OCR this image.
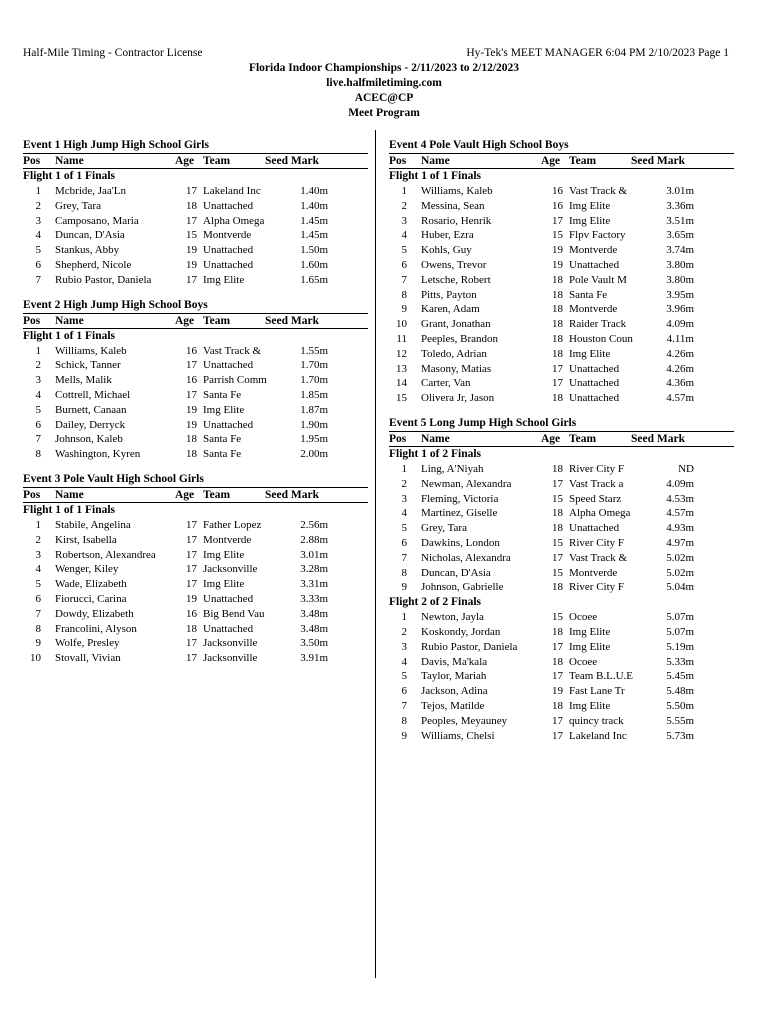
Half-Mile Timing - Contractor License	Hy-Tek's MEET MANAGER 6:04 PM 2/10/2023 Page 1
Florida Indoor Championships - 2/11/2023 to 2/12/2023
live.halfmiletiming.com
ACEC@CP
Meet Program
Event 1 High Jump High School Girls
Pos Name	Age Team	Seed Mark
Flight 1 of 1 Finals
1 Mcbride, Jaa'Ln	17 Lakeland Inc	1.40m
2 Grey, Tara	18 Unattached	1.40m
3 Camposano, Maria	17 Alpha Omega	1.45m
4 Duncan, D'Asia	15 Montverde	1.45m
5 Stankus, Abby	19 Unattached	1.50m
6 Shepherd, Nicole	19 Unattached	1.60m
7 Rubio Pastor, Daniela	17 Img Elite	1.65m
Event 2 High Jump High School Boys
Pos Name	Age Team	Seed Mark
Flight 1 of 1 Finals
1 Williams, Kaleb	16 Vast Track &	1.55m
2 Schick, Tanner	17 Unattached	1.70m
3 Mells, Malik	16 Parrish Comm	1.70m
4 Cottrell, Michael	17 Santa Fe	1.85m
5 Burnett, Canaan	19 Img Elite	1.87m
6 Dailey, Derryck	19 Unattached	1.90m
7 Johnson, Kaleb	18 Santa Fe	1.95m
8 Washington, Kyren	18 Santa Fe	2.00m
Event 3 Pole Vault High School Girls
Pos Name	Age Team	Seed Mark
Flight 1 of 1 Finals
1 Stabile, Angelina	17 Father Lopez	2.56m
2 Kirst, Isabella	17 Montverde	2.88m
3 Robertson, Alexandrea	17 Img Elite	3.01m
4 Wenger, Kiley	17 Jacksonville	3.28m
5 Wade, Elizabeth	17 Img Elite	3.31m
6 Fiorucci, Carina	19 Unattached	3.33m
7 Dowdy, Elizabeth	16 Big Bend Vau	3.48m
8 Francolini, Alyson	18 Unattached	3.48m
9 Wolfe, Presley	17 Jacksonville	3.50m
10 Stovall, Vivian	17 Jacksonville	3.91m
Event 4 Pole Vault High School Boys
Pos Name	Age Team	Seed Mark
Flight 1 of 1 Finals
1 Williams, Kaleb	16 Vast Track &	3.01m
2 Messina, Sean	16 Img Elite	3.36m
3 Rosario, Henrik	17 Img Elite	3.51m
4 Huber, Ezra	15 Flpv Factory	3.65m
5 Kohls, Guy	19 Montverde	3.74m
6 Owens, Trevor	19 Unattached	3.80m
7 Letsche, Robert	18 Pole Vault M	3.80m
8 Pitts, Payton	18 Santa Fe	3.95m
9 Karen, Adam	18 Montverde	3.96m
10 Grant, Jonathan	18 Raider Track	4.09m
11 Peeples, Brandon	18 Houston Coun	4.11m
12 Toledo, Adrian	18 Img Elite	4.26m
13 Masony, Matias	17 Unattached	4.26m
14 Carter, Van	17 Unattached	4.36m
15 Olivera Jr, Jason	18 Unattached	4.57m
Event 5 Long Jump High School Girls
Pos Name	Age Team	Seed Mark
Flight 1 of 2 Finals
1 Ling, A'Niyah	18 River City F	ND
2 Newman, Alexandra	17 Vast Track a	4.09m
3 Fleming, Victoria	15 Speed Starz	4.53m
4 Martinez, Giselle	18 Alpha Omega	4.57m
5 Grey, Tara	18 Unattached	4.93m
6 Dawkins, London	15 River City F	4.97m
7 Nicholas, Alexandra	17 Vast Track &	5.02m
8 Duncan, D'Asia	15 Montverde	5.02m
9 Johnson, Gabrielle	18 River City F	5.04m
Flight 2 of 2 Finals
1 Newton, Jayla	15 Ocoee	5.07m
2 Koskondy, Jordan	18 Img Elite	5.07m
3 Rubio Pastor, Daniela	17 Img Elite	5.19m
4 Davis, Ma'kala	18 Ocoee	5.33m
5 Taylor, Mariah	17 Team B.L.U.E	5.45m
6 Jackson, Adina	19 Fast Lane Tr	5.48m
7 Tejos, Matilde	18 Img Elite	5.50m
8 Peoples, Meyauney	17 quincy track	5.55m
9 Williams, Chelsi	17 Lakeland Inc	5.73m
